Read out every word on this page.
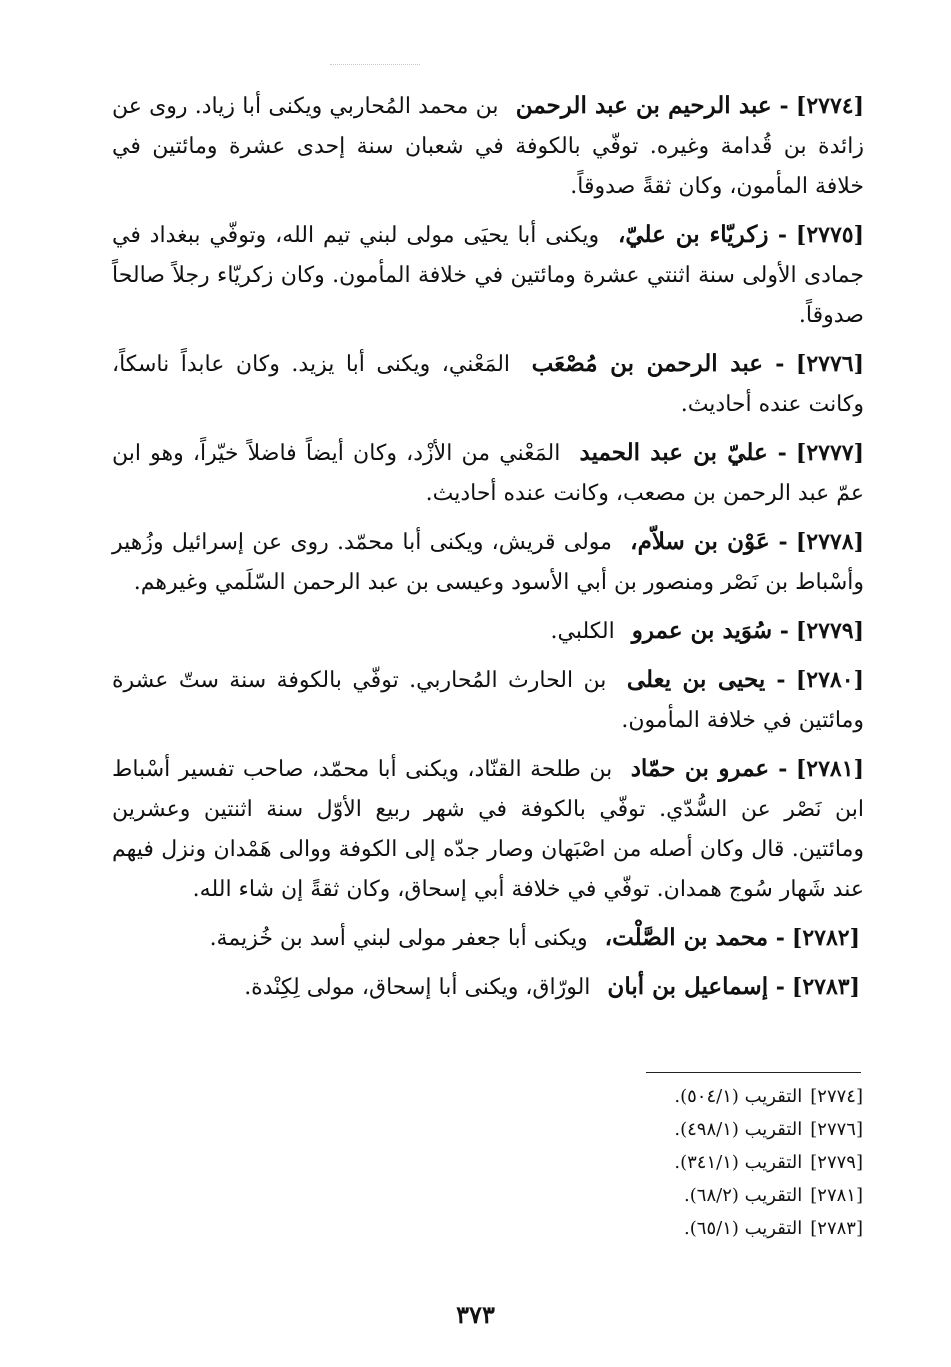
[٢٧٧٤] - عبد الرحيم بن عبد الرحمن بن محمد المُحاربي ويكنى أبا زياد. روى عن زائدة بن قُدامة وغيره. توفّي بالكوفة في شعبان سنة إحدى عشرة ومائتين في خلافة المأمون، وكان ثقةً صدوقاً.

[٢٧٧٥] - زكريّاء بن عليّ، ويكنى أبا يحيَى مولى لبني تيم الله، وتوفّي ببغداد في جمادى الأولى سنة اثنتي عشرة ومائتين في خلافة المأمون. وكان زكريّاء رجلاً صالحاً صدوقاً.

[٢٧٧٦] - عبد الرحمن بن مُصْعَب المَعْني، ويكنى أبا يزيد. وكان عابداً ناسكاً، وكانت عنده أحاديث.

[٢٧٧٧] - عليّ بن عبد الحميد المَعْني من الأزْد، وكان أيضاً فاضلاً خيّراً، وهو ابن عمّ عبد الرحمن بن مصعب، وكانت عنده أحاديث.

[٢٧٧٨] - عَوْن بن سلاّم، مولى قريش، ويكنى أبا محمّد. روى عن إسرائيل وزُهير وأسْباط بن نَصْر ومنصور بن أبي الأسود وعيسى بن عبد الرحمن السّلَمي وغيرهم.

[٢٧٧٩] - سُوَيد بن عمرو الكلبي.

[٢٧٨٠] - يحيى بن يعلى بن الحارث المُحاربي. توفّي بالكوفة سنة ستّ عشرة ومائتين في خلافة المأمون.

[٢٧٨١] - عمرو بن حمّاد بن طلحة القنّاد، ويكنى أبا محمّد، صاحب تفسير أسْباط ابن نَصْر عن السُّدّي. توفّي بالكوفة في شهر ربيع الأوّل سنة اثنتين وعشرين ومائتين. قال وكان أصله من اصْبَهان وصار جدّه إلى الكوفة ووالى هَمْدان ونزل فيهم عند شَهار سُوج همدان. توفّي في خلافة أبي إسحاق، وكان ثقةً إن شاء الله.

[٢٧٨٢] - محمد بن الصَّلْت، ويكنى أبا جعفر مولى لبني أسد بن خُزيمة.

[٢٧٨٣] - إسماعيل بن أبان الورّاق، ويكنى أبا إسحاق، مولى لِكِنْدة.

[٢٧٧٤]التقريب (٥٠٤/١).
[٢٧٧٦]التقريب (٤٩٨/١).
[٢٧٧٩]التقريب (٣٤١/١).
[٢٧٨١]التقريب (٦٨/٢).
[٢٧٨٣]التقريب (٦٥/١).
٣٧٣
